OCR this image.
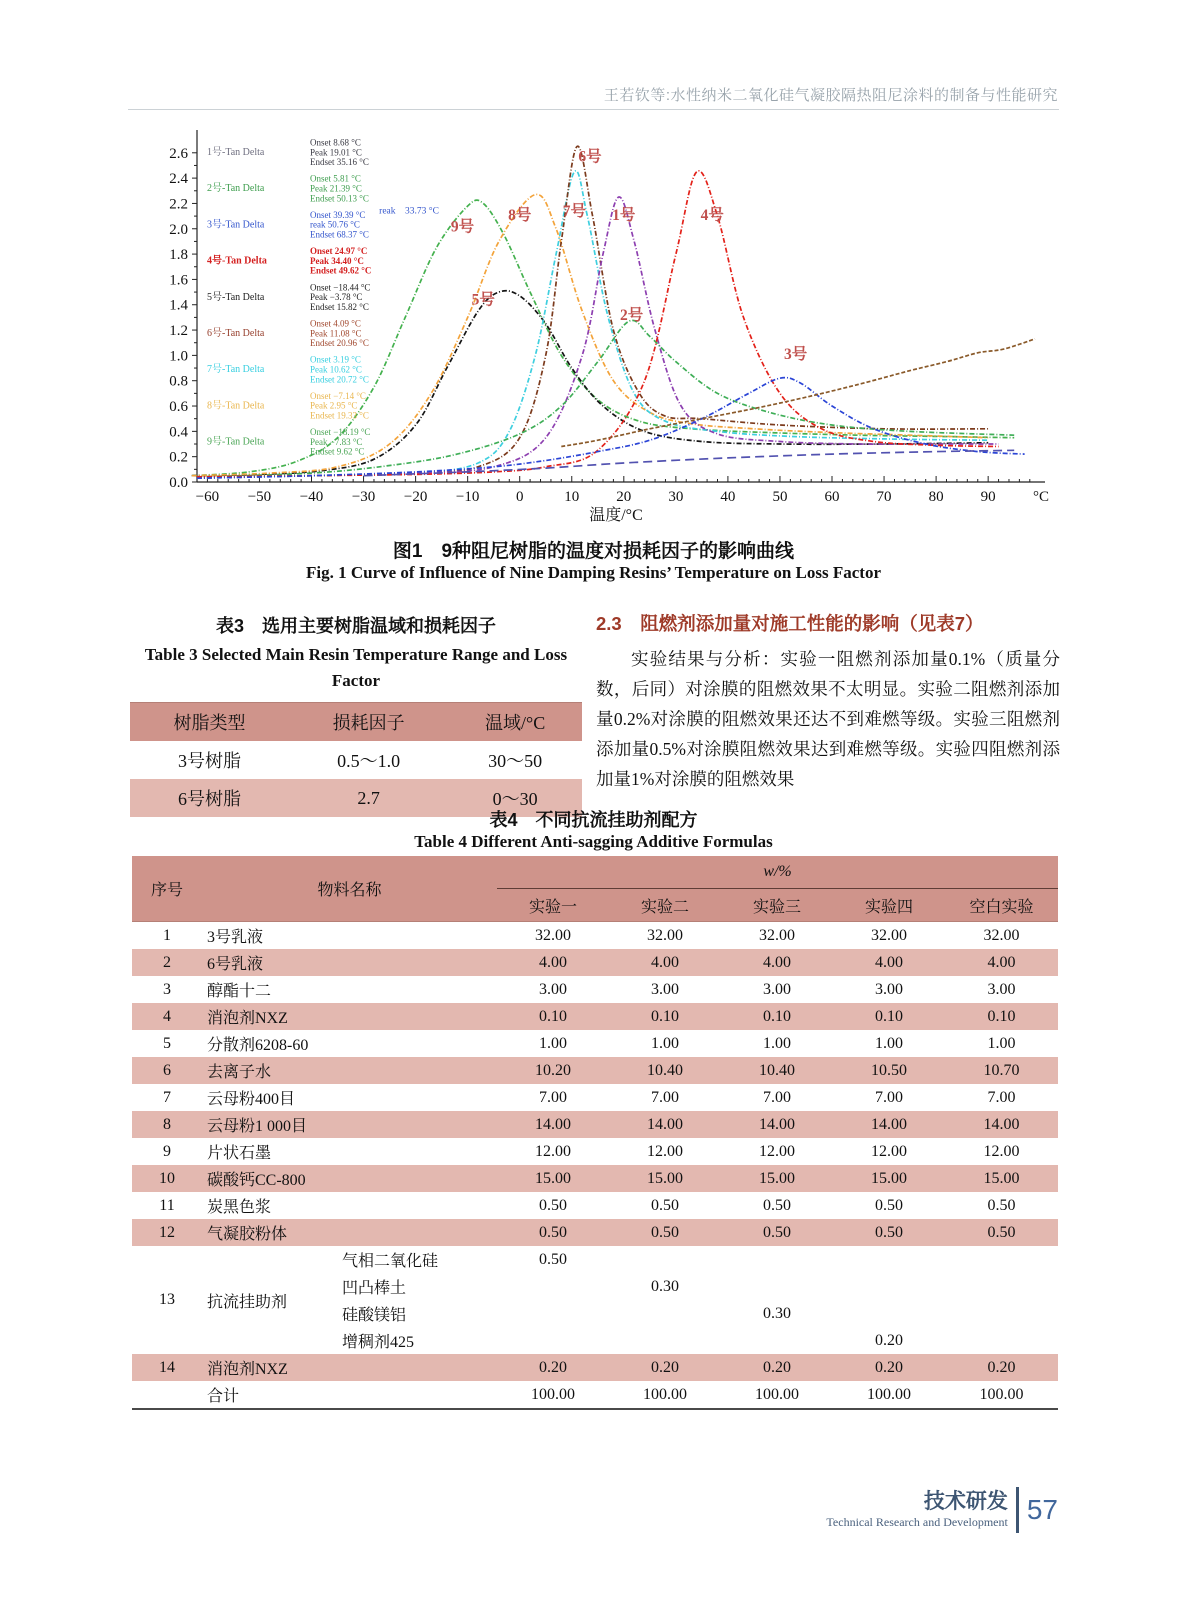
王若钦等:水性纳米二氧化硅气凝胶隔热阻尼涂料的制备与性能研究
0.0
0.2
0.4
0.6
0.8
1.0
1.2
1.4
1.6
1.8
2.0
2.2
2.4
2.6
−60 −50 −40 −30 −20 −10 0	10 20 30 40 50 60 70 80 90 °C
温度/°C
1号-Tan Delta
Onset 8.68 °C
Peak 19.01 °C
Endset 35.16 °C
2号-Tan Delta
Onset 5.81 °C
Peak 21.39 °C
Endset 50.13 °C
3号-Tan Delta
Onset 39.39 °C
reak 50.76 °C
Endset 68.37 °C
4号-Tan Delta
Onset 24.97 °C
Peak 34.40 °C
Endset 49.62 °C
5号-Tan Delta
Onset −18.44 °C
Peak −3.78 °C
Endset 15.82 °C
6号-Tan Delta
Onset 4.09 °C
Peak 11.08 °C
Endset 20.96 °C
7号-Tan Delta
Onset 3.19 °C
Peak 10.62 °C
Endset 20.72 °C
8号-Tan Delta
Onset −7.14 °C
Peak 2.95 °C
Endset 19.33 °C
9号-Tan Delta
Onset −18.19 °C
Peak −7.83 °C
Endset 9.62 °C
9号
8号 7号
6号
1号	4号
5号
2号
3号
reak    33.73 °C
图1　9种阻尼树脂的温度对损耗因子的影响曲线
Fig. 1 Curve of Influence of Nine Damping Resins’ Temperature on Loss Factor
表3　选用主要树脂温域和损耗因子
Table 3 Selected Main Resin Temperature Range and Loss Factor
树脂类型	损耗因子	温域/°C
3号树脂	0.5～1.0	30～50
6号树脂	2.7	0～30
2.3　阻燃剂添加量对施工性能的影响（见表7）

实验结果与分析：实验一阻燃剂添加量0.1%（质量分数，后同）对涂膜的阻燃效果不太明显。实验二阻燃剂添加量0.2%对涂膜的阻燃效果还达不到难燃等级。实验三阻燃剂添加量0.5%对涂膜阻燃效果达到难燃等级。实验四阻燃剂添加量1%对涂膜的阻燃效果

表4　不同抗流挂助剂配方
Table 4 Different Anti-sagging Additive Formulas
序号	物料名称		w/%				
			实验一	实验二	实验三	实验四	空白实验
1	3号乳液		32.00	32.00	32.00	32.00	32.00
2	6号乳液		4.00	4.00	4.00	4.00	4.00
3	醇酯十二		3.00	3.00	3.00	3.00	3.00
4	消泡剂NXZ		0.10	0.10	0.10	0.10	0.10
5	分散剂6208-60		1.00	1.00	1.00	1.00	1.00
6	去离子水		10.20	10.40	10.40	10.50	10.70
7	云母粉400目		7.00	7.00	7.00	7.00	7.00
8	云母粉1 000目		14.00	14.00	14.00	14.00	14.00
9	片状石墨		12.00	12.00	12.00	12.00	12.00
10	碳酸钙CC-800		15.00	15.00	15.00	15.00	15.00
11	炭黑色浆		0.50	0.50	0.50	0.50	0.50
12	气凝胶粉体		0.50	0.50	0.50	0.50	0.50
13	抗流挂助剂	气相二氧化硅	0.50				
		凹凸棒土		0.30			
		硅酸镁铝			0.30		
		增稠剂425				0.20	
14	消泡剂NXZ		0.20	0.20	0.20	0.20	0.20
	合计		100.00	100.00	100.00	100.00	100.00
技术研发
Technical Research and Development 57
